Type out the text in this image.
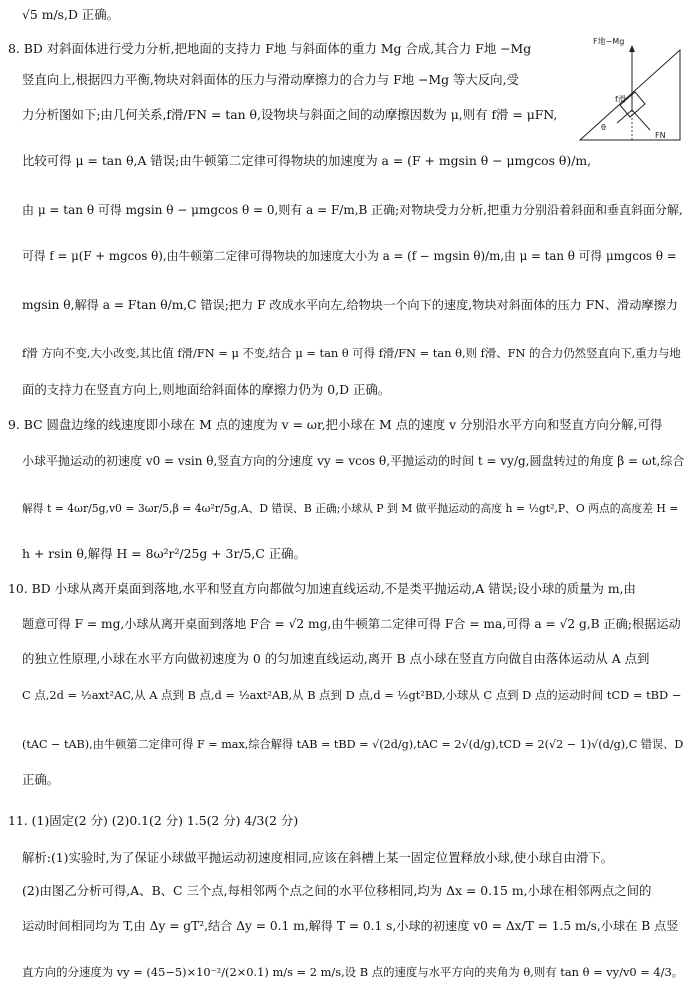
√5 m/s,D 正确。
8. BD 对斜面体进行受力分析,把地面的支持力 F地 与斜面体的重力 Mg 合成,其合力 F地 −Mg
竖直向上,根据四力平衡,物块对斜面体的压力与滑动摩擦力的合力与 F地 −Mg 等大反向,受
力分析图如下;由几何关系,f滑/FN = tan θ,设物块与斜面之间的动摩擦因数为 μ,则有 f滑 = μFN,
比较可得 μ = tan θ,A 错误;由牛顿第二定律可得物块的加速度为 a = (F + mgsin θ − μmgcos θ)/m,
由 μ = tan θ 可得 mgsin θ − μmgcos θ = 0,则有 a = F/m,B 正确;对物块受力分析,把重力分别沿着斜面和垂直斜面分解,
可得 f = μ(F + mgcos θ),由牛顿第二定律可得物块的加速度大小为 a = (f − mgsin θ)/m,由 μ = tan θ 可得 μmgcos θ =
mgsin θ,解得 a = Ftan θ/m,C 错误;把力 F 改成水平向左,给物块一个向下的速度,物块对斜面体的压力 FN、滑动摩擦力
f滑 方向不变,大小改变,其比值 f滑/FN = μ 不变,结合 μ = tan θ 可得 f滑/FN = tan θ,则 f滑、FN 的合力仍然竖直向下,重力与地
面的支持力在竖直方向上,则地面给斜面体的摩擦力仍为 0,D 正确。
9. BC 圆盘边缘的线速度即小球在 M 点的速度为 v = ωr,把小球在 M 点的速度 v 分别沿水平方向和竖直方向分解,可得
小球平抛运动的初速度 v0 = vsin θ,竖直方向的分速度 vy = vcos θ,平抛运动的时间 t = vy/g,圆盘转过的角度 β = ωt,综合
解得 t = 4ωr/5g,v0 = 3ωr/5,β = 4ω²r/5g,A、D 错误、B 正确;小球从 P 到 M 做平抛运动的高度 h = ½gt²,P、O 两点的高度差 H =
h + rsin θ,解得 H = 8ω²r²/25g + 3r/5,C 正确。
10. BD 小球从离开桌面到落地,水平和竖直方向都做匀加速直线运动,不是类平抛运动,A 错误;设小球的质量为 m,由
题意可得 F = mg,小球从离开桌面到落地 F合 = √2 mg,由牛顿第二定律可得 F合 = ma,可得 a = √2 g,B 正确;根据运动
的独立性原理,小球在水平方向做初速度为 0 的匀加速直线运动,离开 B 点小球在竖直方向做自由落体运动从 A 点到
C 点,2d = ½axt²AC,从 A 点到 B 点,d = ½axt²AB,从 B 点到 D 点,d = ½gt²BD,小球从 C 点到 D 点的运动时间 tCD = tBD −
(tAC − tAB),由牛顿第二定律可得 F = max,综合解得 tAB = tBD = √(2d/g),tAC = 2√(d/g),tCD = 2(√2 − 1)√(d/g),C 错误、D
正确。
11. (1)固定(2 分) (2)0.1(2 分) 1.5(2 分) 4/3(2 分)
解析:(1)实验时,为了保证小球做平抛运动初速度相同,应该在斜槽上某一固定位置释放小球,使小球自由滑下。
(2)由图乙分析可得,A、B、C 三个点,每相邻两个点之间的水平位移相同,均为 Δx = 0.15 m,小球在相邻两点之间的
运动时间相同均为 T,由 Δy = gT²,结合 Δy = 0.1 m,解得 T = 0.1 s,小球的初速度 v0 = Δx/T = 1.5 m/s,小球在 B 点竖
直方向的分速度为 vy = (45−5)×10⁻²/(2×0.1) m/s = 2 m/s,设 B 点的速度与水平方向的夹角为 θ,则有 tan θ = vy/v0 = 4/3。
F地−Mg
f滑
θ
FN
